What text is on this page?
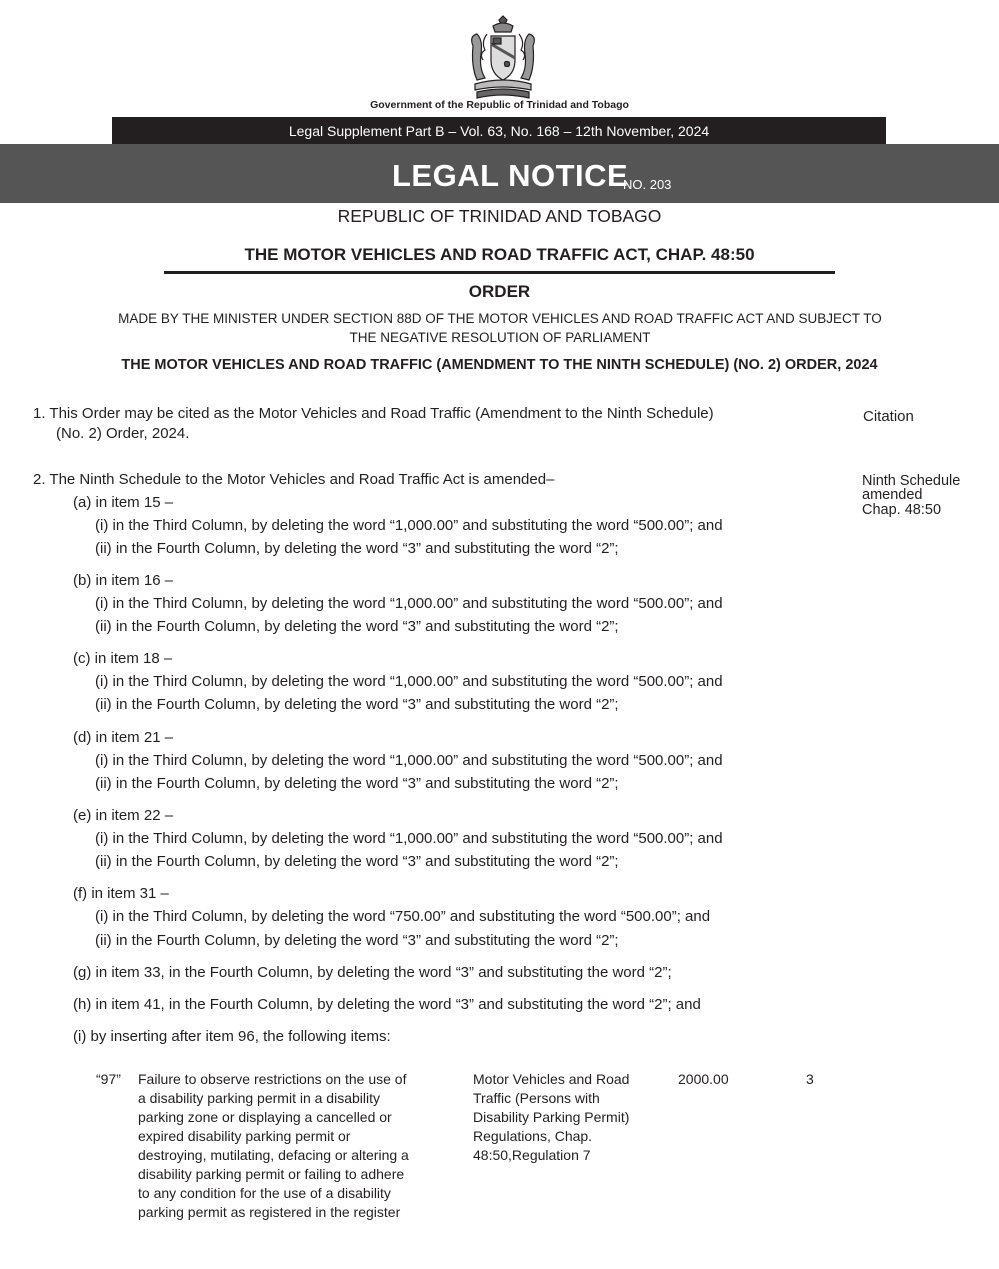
Government of the Republic of Trinidad and Tobago
Legal Supplement Part B – Vol. 63, No. 168 – 12th November, 2024
LEGAL NOTICE
NO. 203
REPUBLIC OF TRINIDAD AND TOBAGO
THE MOTOR VEHICLES AND ROAD TRAFFIC ACT, CHAP. 48:50
ORDER
MADE BY THE MINISTER UNDER SECTION 88D OF THE MOTOR VEHICLES AND ROAD TRAFFIC ACT AND SUBJECT TO
THE NEGATIVE RESOLUTION OF PARLIAMENT
THE MOTOR VEHICLES AND ROAD TRAFFIC (AMENDMENT TO THE NINTH SCHEDULE) (NO. 2) ORDER, 2024
1. This Order may be cited as the Motor Vehicles and Road Traffic (Amendment to the Ninth Schedule)
(No. 2) Order, 2024.
Citation
2. The Ninth Schedule to the Motor Vehicles and Road Traffic Act is amended–	Ninth Schedule
amended
Chap. 48:50
(a) in item 15 –
(i) in the Third Column, by deleting the word “1,000.00” and substituting the word “500.00”; and
(ii) in the Fourth Column, by deleting the word “3” and substituting the word “2”;
(b) in item 16 –
(i) in the Third Column, by deleting the word “1,000.00” and substituting the word “500.00”; and
(ii) in the Fourth Column, by deleting the word “3” and substituting the word “2”;
(c) in item 18 –
(i) in the Third Column, by deleting the word “1,000.00” and substituting the word “500.00”; and
(ii) in the Fourth Column, by deleting the word “3” and substituting the word “2”;
(d) in item 21 –
(i) in the Third Column, by deleting the word “1,000.00” and substituting the word “500.00”; and
(ii) in the Fourth Column, by deleting the word “3” and substituting the word “2”;
(e) in item 22 –
(i) in the Third Column, by deleting the word “1,000.00” and substituting the word “500.00”; and
(ii) in the Fourth Column, by deleting the word “3” and substituting the word “2”;
(f) in item 31 –
(i) in the Third Column, by deleting the word “750.00” and substituting the word “500.00”; and
(ii) in the Fourth Column, by deleting the word “3” and substituting the word “2”;
(g) in item 33, in the Fourth Column, by deleting the word “3” and substituting the word “2”;
(h) in item 41, in the Fourth Column, by deleting the word “3” and substituting the word “2”; and
(i) by inserting after item 96, the following items:
“97” Failure to observe restrictions on the use of
a disability parking permit in a disability
parking zone or displaying a cancelled or
expired disability parking permit or
destroying, mutilating, defacing or altering a
disability parking permit or failing to adhere
to any condition for the use of a disability
parking permit as registered in the register
Motor Vehicles and Road
Traffic (Persons with
Disability Parking Permit)
Regulations, Chap.
48:50,Regulation 7
2000.00	3
